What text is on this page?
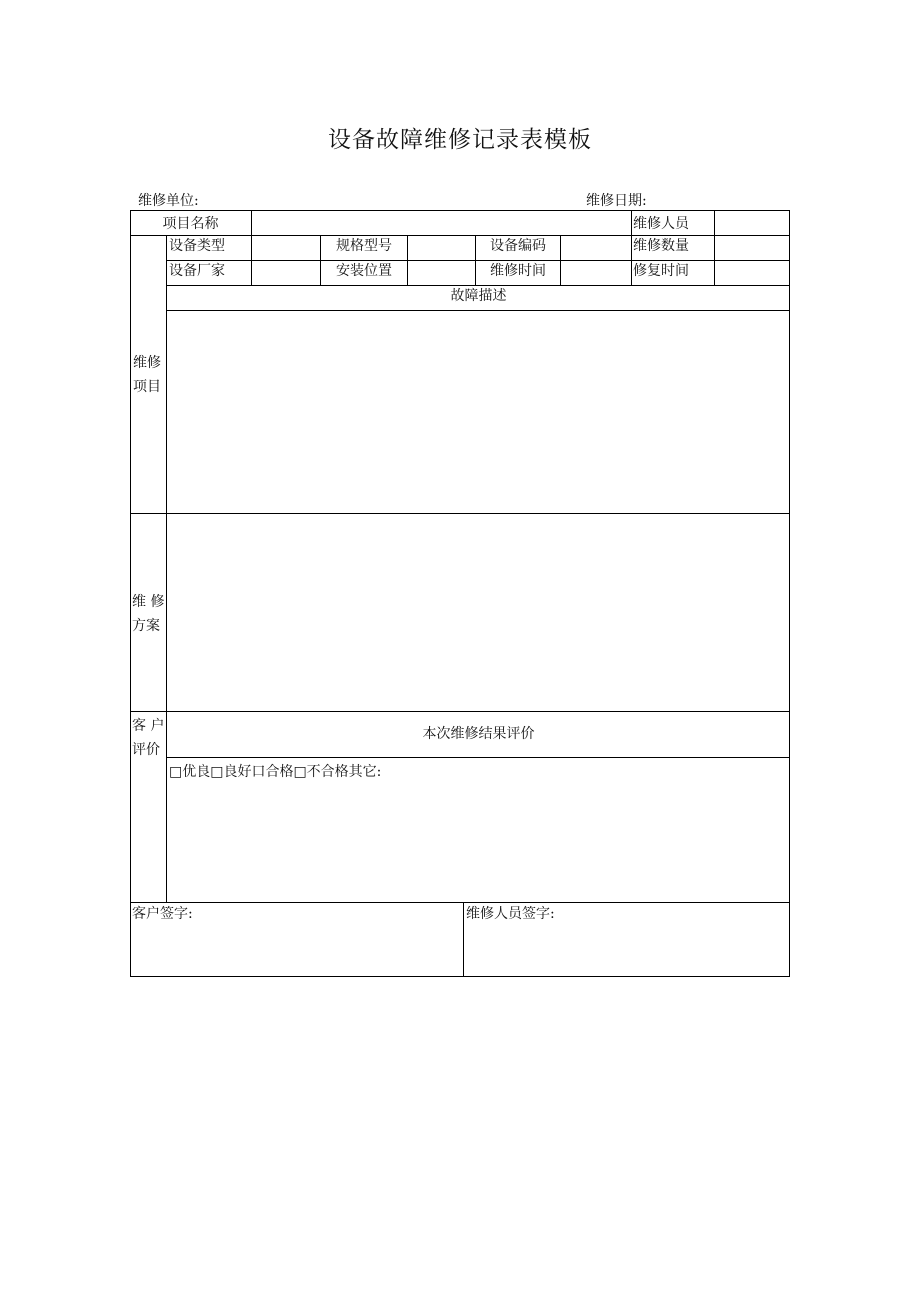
设备故障维修记录表模板
维修单位:	维修日期:
项目名称	维修人员
设备类型	规格型号	设备编码	维修数量
设备厂家	安装位置	维修时间	修复时间
故障描述
维修
项目
维 修
方案
客 户
评价
本次维修结果评价
□优良□良好口合格□不合格其它:
客户签字:	维修人员签字:
